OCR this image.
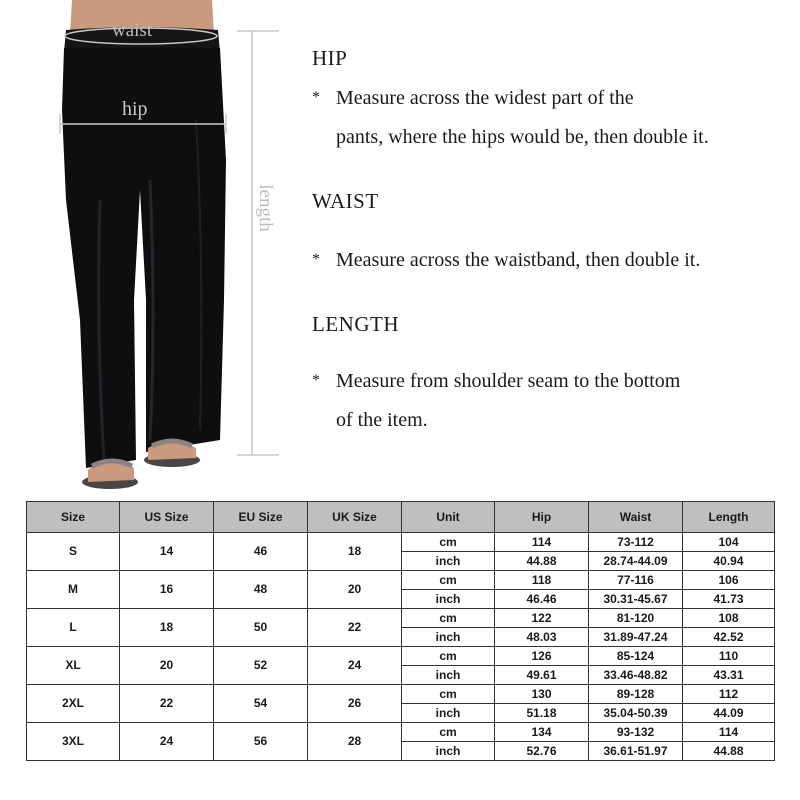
waist
hip
length
HIP
* Measure across the widest part of the
pants, where the hips would be, then double it.
WAIST
* Measure across the waistband, then double it.
LENGTH
* Measure from shoulder seam to the bottom
of the item.
Size	US Size	EU Size	UK Size	Unit	Hip	Waist	Length
S	14	46	18	cm	114	73-112	104
				inch	44.88	28.74-44.09	40.94
M	16	48	20	cm	118	77-116	106
				inch	46.46	30.31-45.67	41.73
L	18	50	22	cm	122	81-120	108
				inch	48.03	31.89-47.24	42.52
XL	20	52	24	cm	126	85-124	110
				inch	49.61	33.46-48.82	43.31
2XL	22	54	26	cm	130	89-128	112
				inch	51.18	35.04-50.39	44.09
3XL	24	56	28	cm	134	93-132	114
				inch	52.76	36.61-51.97	44.88
